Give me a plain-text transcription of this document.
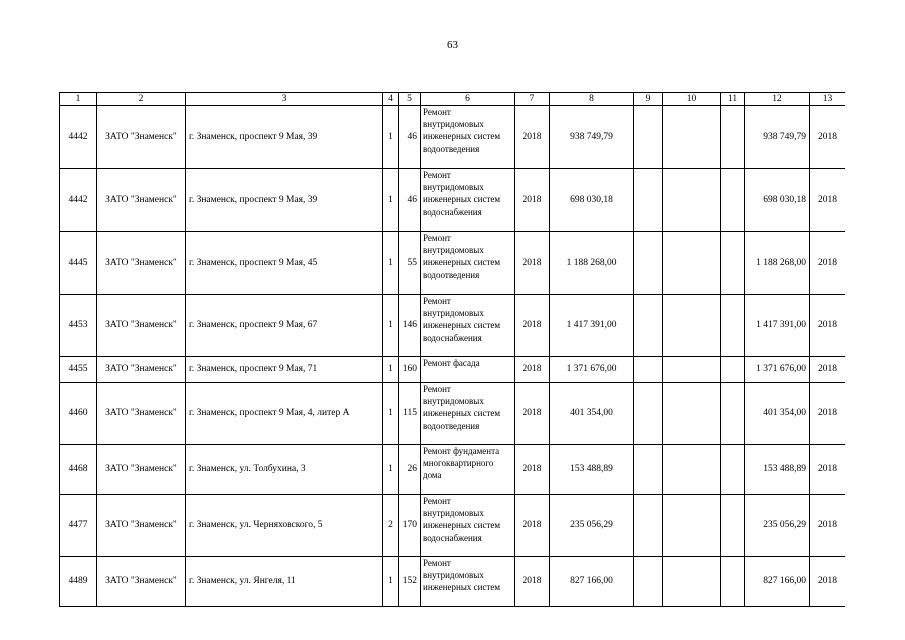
63
1	2	3	4	5	6	7	8	9	10	11	12	13
4442	ЗАТО "Знаменск"	г. Знаменск, проспект 9 Мая, 39	1	46	Ремонт внутридомовых инженерных систем водоотведения	2018	938 749,79				938 749,79	2018
4442	ЗАТО "Знаменск"	г. Знаменск, проспект 9 Мая, 39	1	46	Ремонт внутридомовых инженерных систем водоснабжения	2018	698 030,18				698 030,18	2018
4445	ЗАТО "Знаменск"	г. Знаменск, проспект 9 Мая, 45	1	55	Ремонт внутридомовых инженерных систем водоотведения	2018	1 188 268,00				1 188 268,00	2018
4453	ЗАТО "Знаменск"	г. Знаменск, проспект 9 Мая, 67	1	146	Ремонт внутридомовых инженерных систем водоснабжения	2018	1 417 391,00				1 417 391,00	2018
4455	ЗАТО "Знаменск"	г. Знаменск, проспект 9 Мая, 71	1	160	Ремонт фасада	2018	1 371 676,00				1 371 676,00	2018
4460	ЗАТО "Знаменск"	г. Знаменск, проспект 9 Мая, 4, литер А	1	115	Ремонт внутридомовых инженерных систем водоотведения	2018	401 354,00				401 354,00	2018
4468	ЗАТО "Знаменск"	г. Знаменск, ул. Толбухина, 3	1	26	Ремонт фундамента многоквартирного дома	2018	153 488,89				153 488,89	2018
4477	ЗАТО "Знаменск"	г. Знаменск, ул. Черняховского, 5	2	170	Ремонт внутридомовых инженерных систем водоснабжения	2018	235 056,29				235 056,29	2018
4489	ЗАТО "Знаменск"	г. Знаменск, ул. Янгеля, 11	1	152	Ремонт внутридомовых инженерных систем	2018	827 166,00				827 166,00	2018
